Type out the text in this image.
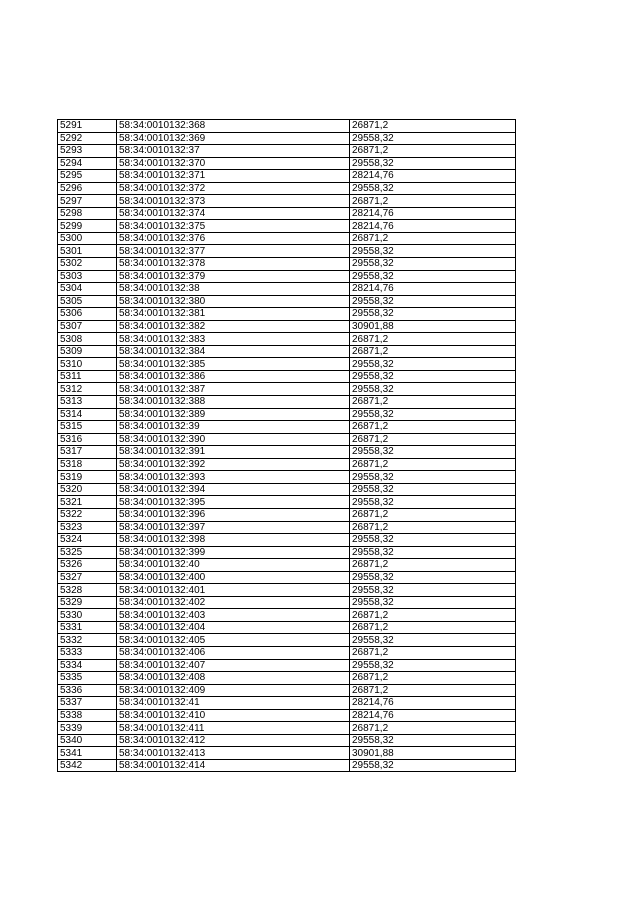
5291	58:34:0010132:368	26871,2
5292	58:34:0010132:369	29558,32
5293	58:34:0010132:37	26871,2
5294	58:34:0010132:370	29558,32
5295	58:34:0010132:371	28214,76
5296	58:34:0010132:372	29558,32
5297	58:34:0010132:373	26871,2
5298	58:34:0010132:374	28214,76
5299	58:34:0010132:375	28214,76
5300	58:34:0010132:376	26871,2
5301	58:34:0010132:377	29558,32
5302	58:34:0010132:378	29558,32
5303	58:34:0010132:379	29558,32
5304	58:34:0010132:38	28214,76
5305	58:34:0010132:380	29558,32
5306	58:34:0010132:381	29558,32
5307	58:34:0010132:382	30901,88
5308	58:34:0010132:383	26871,2
5309	58:34:0010132:384	26871,2
5310	58:34:0010132:385	29558,32
5311	58:34:0010132:386	29558,32
5312	58:34:0010132:387	29558,32
5313	58:34:0010132:388	26871,2
5314	58:34:0010132:389	29558,32
5315	58:34:0010132:39	26871,2
5316	58:34:0010132:390	26871,2
5317	58:34:0010132:391	29558,32
5318	58:34:0010132:392	26871,2
5319	58:34:0010132:393	29558,32
5320	58:34:0010132:394	29558,32
5321	58:34:0010132:395	29558,32
5322	58:34:0010132:396	26871,2
5323	58:34:0010132:397	26871,2
5324	58:34:0010132:398	29558,32
5325	58:34:0010132:399	29558,32
5326	58:34:0010132:40	26871,2
5327	58:34:0010132:400	29558,32
5328	58:34:0010132:401	29558,32
5329	58:34:0010132:402	29558,32
5330	58:34:0010132:403	26871,2
5331	58:34:0010132:404	26871,2
5332	58:34:0010132:405	29558,32
5333	58:34:0010132:406	26871,2
5334	58:34:0010132:407	29558,32
5335	58:34:0010132:408	26871,2
5336	58:34:0010132:409	26871,2
5337	58:34:0010132:41	28214,76
5338	58:34:0010132:410	28214,76
5339	58:34:0010132:411	26871,2
5340	58:34:0010132:412	29558,32
5341	58:34:0010132:413	30901,88
5342	58:34:0010132:414	29558,32
